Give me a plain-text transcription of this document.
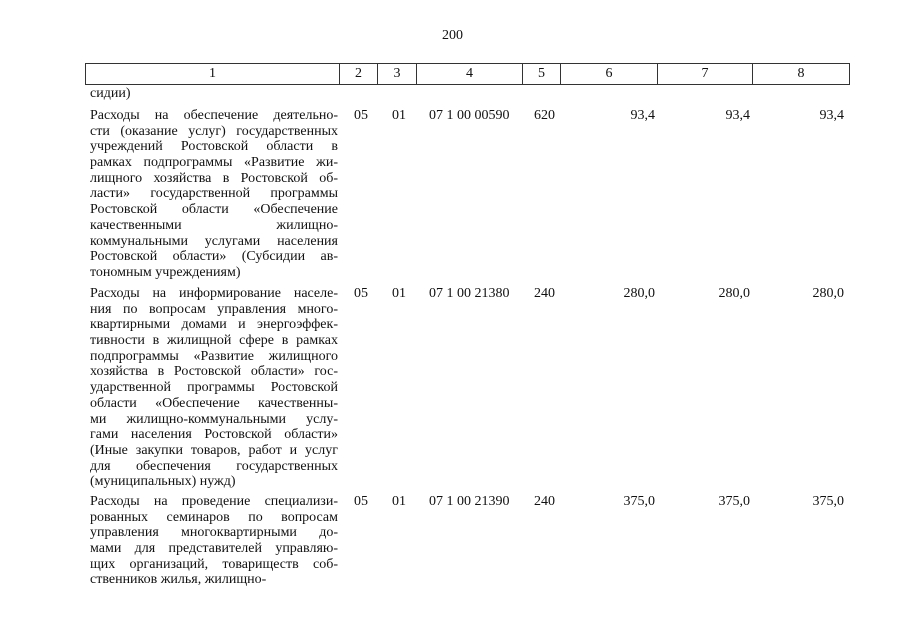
200
1	2	3	4	5	6	7	8
сидии)
Расходы на обеспечение деятельно-
сти (оказание услуг) государственных
учреждений Ростовской области в
рамках подпрограммы «Развитие жи-
лищного хозяйства в Ростовской об-
ласти» государственной программы
Ростовской области «Обеспечение
качественными жилищно-
коммунальными услугами населения
Ростовской области» (Субсидии ав-
тономным учреждениям)
05	01	07 1 00 00590	620	93,4	93,4	93,4
Расходы на информирование населе-
ния по вопросам управления много-
квартирными домами и энергоэффек-
тивности в жилищной сфере в рамках
подпрограммы «Развитие жилищного
хозяйства в Ростовской области» гос-
ударственной программы Ростовской
области «Обеспечение качественны-
ми жилищно-коммунальными услу-
гами населения Ростовской области»
(Иные закупки товаров, работ и услуг
для обеспечения государственных
(муниципальных) нужд)
05	01	07 1 00 21380	240	280,0	280,0	280,0
Расходы на проведение специализи-
рованных семинаров по вопросам
управления многоквартирными до-
мами для представителей управляю-
щих организаций, товариществ соб-
ственников жилья, жилищно-
05	01	07 1 00 21390	240	375,0	375,0	375,0
